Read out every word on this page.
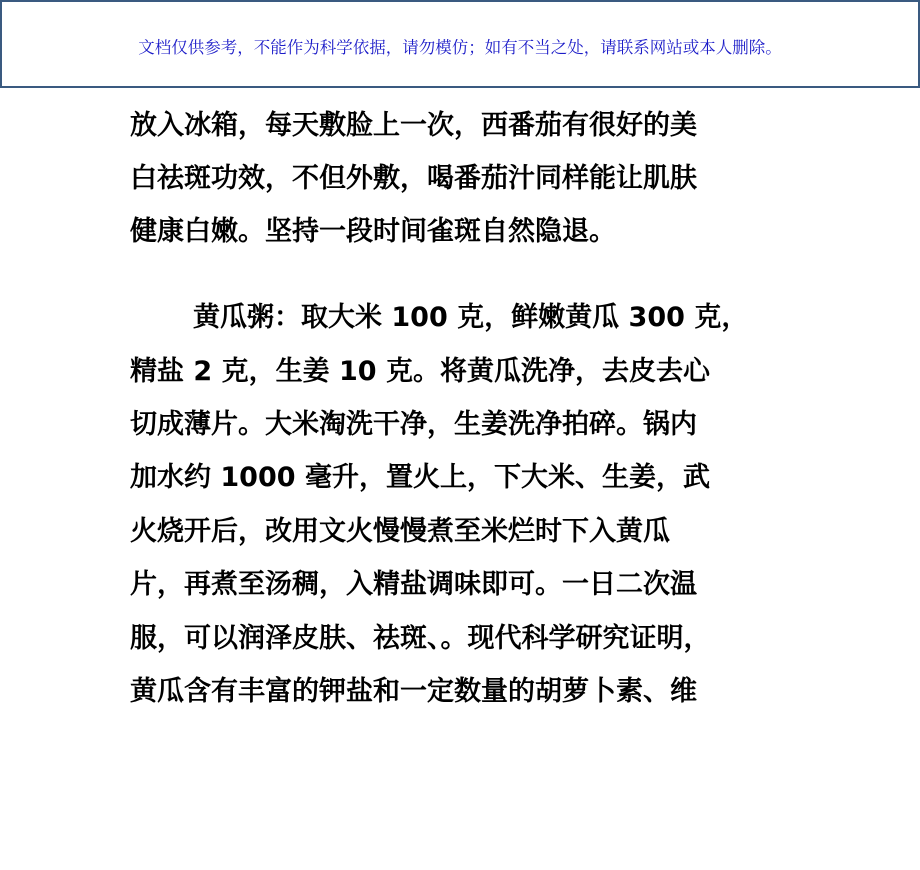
文档仅供参考，不能作为科学依据，请勿模仿；如有不当之处，请联系网站或本人删除。
放入冰箱，每天敷脸上一次，西番茄有很好的美
白祛斑功效，不但外敷，喝番茄汁同样能让肌肤
健康白嫩。坚持一段时间雀斑自然隐退。
黄瓜粥：取大米 100 克，鲜嫩黄瓜 300 克，
精盐 2 克，生姜 10 克。将黄瓜洗净，去皮去心
切成薄片。大米淘洗干净，生姜洗净拍碎。锅内
加水约 1000 毫升，置火上，下大米、生姜，武
火烧开后，改用文火慢慢煮至米烂时下入黄瓜
片，再煮至汤稠，入精盐调味即可。一日二次温
服，可以润泽皮肤、祛斑、。现代科学研究证明，
黄瓜含有丰富的钾盐和一定数量的胡萝卜素、维
